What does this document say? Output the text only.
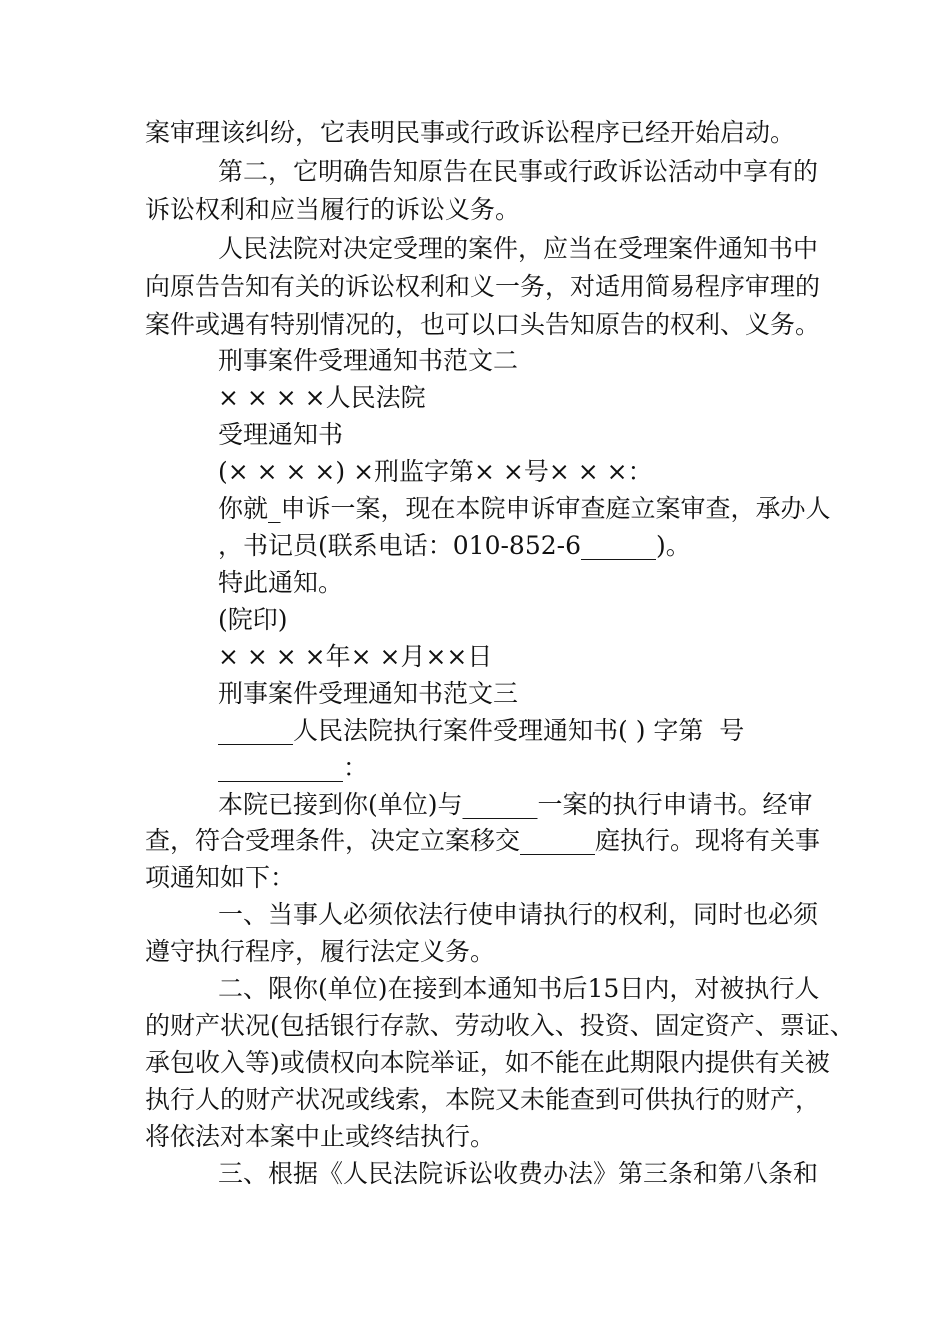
案审理该纠纷，它表明民事或行政诉讼程序已经开始启动。
第二，它明确告知原告在民事或行政诉讼活动中享有的
诉讼权利和应当履行的诉讼义务。
人民法院对决定受理的案件，应当在受理案件通知书中
向原告告知有关的诉讼权利和义一务，对适用简易程序审理的
案件或遇有特别情况的，也可以口头告知原告的权利、义务。
刑事案件受理通知书范文二
× × × ×人民法院
受理通知书
(× × × ×) ×刑监字第× ×号× × ×：
你就_申诉一案，现在本院申诉审查庭立案审查，承办人
，书记员(联系电话：010-852-6______)。
特此通知。
(院印)
× × × ×年× ×月××日
刑事案件受理通知书范文三
______人民法院执行案件受理通知书( ) 字第  号
__________：
本院已接到你(单位)与______一案的执行申请书。经审
查，符合受理条件，决定立案移交______庭执行。现将有关事
项通知如下：
一、当事人必须依法行使申请执行的权利，同时也必须
遵守执行程序，履行法定义务。
二、限你(单位)在接到本通知书后15日内，对被执行人
的财产状况(包括银行存款、劳动收入、投资、固定资产、票证、
承包收入等)或债权向本院举证，如不能在此期限内提供有关被
执行人的财产状况或线索，本院又未能查到可供执行的财产，
将依法对本案中止或终结执行。
三、根据《人民法院诉讼收费办法》第三条和第八条和
